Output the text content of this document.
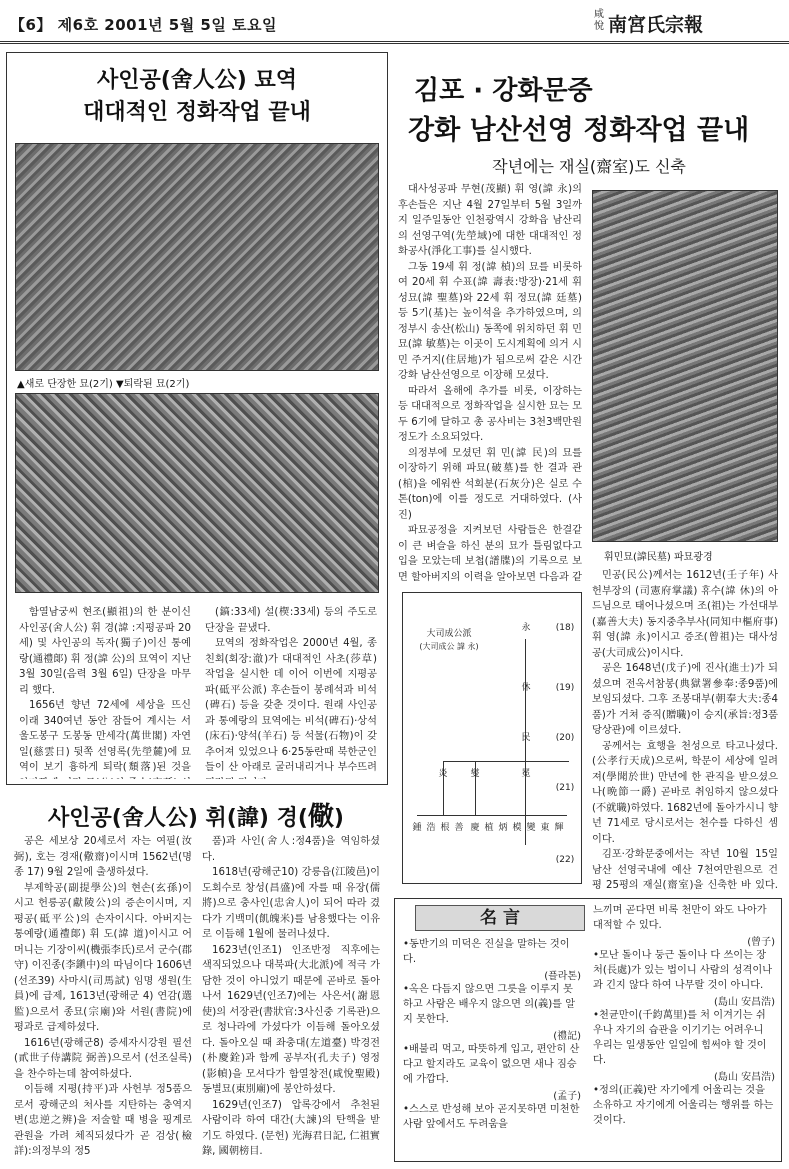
【6】 제6호 2001년 5월 5일 토요일
咸悅 南宮氏宗報
사인공(舍人公) 묘역
대대적인 정화작업 끝내
▲새로 단장한 묘(2기) ▼퇴락된 묘(2기)

함열남궁씨 현조(顯祖)의 한 분이신 사인공(舍人公) 휘 경(諱 :지평공파 20세) 및 사인공의 독자(獨子)이신 통예랑(通禮郞) 휘 정(諱 公)의 묘역이 지난 3월 30일(음력 3월 6일) 단장을 마무리 했다.

1656년 향년 72세에 세상을 뜨신 이래 340여년 동안 잠들어 계시는 서울도봉구 도봉동 만세각(萬世閣) 자연일(慈雲日) 뒷쪽 선영록(先塋麓)에 묘역이 보기 흉하게 퇴락(頹落)된 것을

(鎬:33세) 설(楔:33세) 등의 주도로 단장을 끝냈다.

묘역의 정화작업은 2000년 4월, 종친회(회장:澈)가 대대적인 사초(莎草)작업을 실시한 데 이어 이번에 지평공파(砥平公派) 후손들이 봉례석과 비석(碑石) 등을 갖춘 것이다. 원래 사인공과 통예랑의 묘역에는 비석(碑石)·상석(床石)·양석(羊石) 등 석물(石物)이 갖추어져 있었으나 6·25동란때 북한군인들이 산 아래로 굴러내리거나 부수뜨려

사인공(舍人公) 휘(諱) 경(儆)

공은 세보상 20세로서 자는 여필(汝弼), 호는 경재(儆齋)이시며 1562년(명종 17) 9월 2일에 출생하셨다.

부제학공(副提學公)의 현손(玄孫)이시고 헌릉공(獻陵公)의 증손이시며, 지평공(砥平公)의 손자이시다. 아버지는 통예랑(通禮郞) 휘 도(諱 道)이시고 어머니는 기장이씨(機張李氏)로서 군수(郡守) 이진종(李鎭中)의 따님이다 1606년(선조39) 사마시(司馬試) 임명 생원(生員)에 급제, 1613년(광해군 4) 연감(選監)으로서 종묘(宗廟)와 서원(書院)에 평과로 급제하셨다.

1616년(광해군8) 증세자시강원 필선(貳世子侍講院 弼善)으로서 (선조실록)을 찬수하는데 참여하셨다.

이듬해 지평(持平)과 사헌부 정5품으로서 광해군의 처사를 지탄하는 충역지변(忠逆之辨)을 저술할 때 병을 핑계로 관원을 가려 체직되셨다가 곧 검상(檢詳):의정부의 정5

품)과 사인(舍人:정4품)을 역임하셨다.

1618년(광해군10) 강릉읍(江陵邑)이 도회수로 창성(昌盛)에 자를 때 유장(儒將)으로 충사인(忠舍人)이 되어 따라 겼다가 기백미(飢魄米)를 남용했다는 이유로 이듬해 1월에 물러나셨다.

1623년(인조1) 인조반정 직후에는 색직되었으나 대북파(大北派)에 적극 가담한 것이 아니었기 때문에 곧바로 돌아나서 1629년(인조7)에는 사은서(謝恩使)의 서장관(書狀官:3사신중 기록관)으로 청나라에 가셨다가 이듬해 돌아오셨다. 돌아오실 때 좌충대(左道臺) 박경전(朴慶銓)과 함께 공부자(孔夫子) 영정(影幀)을 모셔다가 함열창전(咸悅聖殿) 동별묘(東別廟)에 봉안하셨다.

1629년(인조7) 압록강에서 추천된 사람이라 하여 대간(大諫)의 탄핵을 받기도 하였다. (문헌) 光海君日記, 仁祖實錄, 國朝榜目.

김포 · 강화문중
강화 남산선영 정화작업 끝내
작년에는 재실(齋室)도 신축

대사성공파 무현(茂顯) 휘 영(諱 永)의 후손들은 지난 4월 27일부터 5월 3일까지 일주일동안 인천광역시 강화읍 남산리의 선영구역(先塋域)에 대한 대대적인 정화공사(淨化工事)를 실시했다.

그동 19세 휘 정(諱 楨)의 묘를 비롯하여 20세 휘 수표(諱 壽表:방장)·21세 휘 성묘(諱 聖墓)와 22세 휘 정묘(諱 廷墓) 등 5기(基)는 높이석을 추가하였으며, 의정부시 송산(松山) 동쪽에 위치하던 휘 민묘(諱 敏墓)는 이곳이 도시계획에 의거 시민 주거지(住居地)가 됨으로써 같은 시간 강화 남산선영으로 이장해 모셨다.

따라서 올해에 추가를 비롯, 이장하는 등 대대적으로 정화작업을 실시한 묘는 모두 6기에 달하고 총 공사비는 3천3백만원 정도가 소요되었다.

의정부에 모셨던 휘 민(諱 民)의 묘를 이장하기 위해 파묘(破墓)를 한 결과 관(棺)을 에워싼 석회분(石灰分)은 실로 수톤(ton)에 이를 정도로 거대하였다. (사진)

파묘공정을 지켜보던 사람들은 한결같이 큰 벼슬을 하신 분의 묘가 틀림없다고 입을 모았는데 보첩(譜牒)의 기록으로 보면 할아버지의 이력을 알아보면 다음과 같

휘민묘(諱民墓) 파묘광경

민공(民公)께서는 1612년(壬子年) 사헌부장의 (司憲府掌議) 휴수(諱 休)의 아드님으로 태어나셨으며 조(祖)는 가선대부(嘉善大夫) 동지중추부사(同知中樞府事) 휘 영(諱 永)이시고 증조(曾祖)는 대사성공(大司成公)이시다.

공은 1648년(戊子)에 진사(進士)가 되셨으며 전옥서참봉(典獄署參奉:종9품)에 보임되셨다. 그후 조봉대부(朝奉大夫:종4품)가 거쳐 증직(贈職)이 승지(承旨:정3품 당상관)에 이르셨다.

공께서는 효행을 천성으로 타고나셨다. (公孝行天成)으로써, 학문이 세상에 일려져(學聞於世) 만년에 한 관직을 받으셨으나(晩節一爵) 곧바로 취임하지 않으셨다(不就職)하였다. 1682년에 돌아가시니 향년 71세로 당시로서는 천수를 다하신 셈이다.

김포·강화문중에서는 작년 10월 15일 남산 선영국내에 예산 7천여만원으로 건평 25평의 재실(齋室)을 신축한 바 있다.

大司成公派
(大司成公 諱 永)
永
休
民
炎	燮	冕
鍾 浩 根 善 慶 植 炳 模 變 東 輝
(18)
(19)
(20)
(21)
(22)
名 言
•동반기의 미덕은 진실을 말하는 것이다.
(플라톤)
•옥은 다듬지 않으면 그릇을 이루지 못하고 사람은 배우지 않으면 의(義)를 알지 못한다.
(禮記)
•배불리 먹고, 따뜻하게 입고, 편안히 산다고 할지라도 교육이 없으면 새나 짐승에 가깝다.
(孟子)
•스스로 반성해 보아 곧지못하면 미천한 사람 앞에서도 두려움을
느끼며 곧다면 비록 천만이 와도 나아가 대적할 수 있다.
(曾子)
•모난 돌이나 둥근 돌이나 다 쓰이는 장처(長處)가 있는 법이니 사람의 성격이나 과 긴지 않다 하여 나무랄 것이 아니다.
(島山 安昌浩)
•천균만이(千鈞萬里)를 처 이겨기는 쉬우나 자기의 습관을 이기기는 어려우니 우리는 일생동안 일일에 힘써야 할 것이다.
(島山 安昌浩)
•정의(正義)란 자기에게 어울리는 것을 소유하고 자기에게 어울리는 행위를 하는 것이다.
